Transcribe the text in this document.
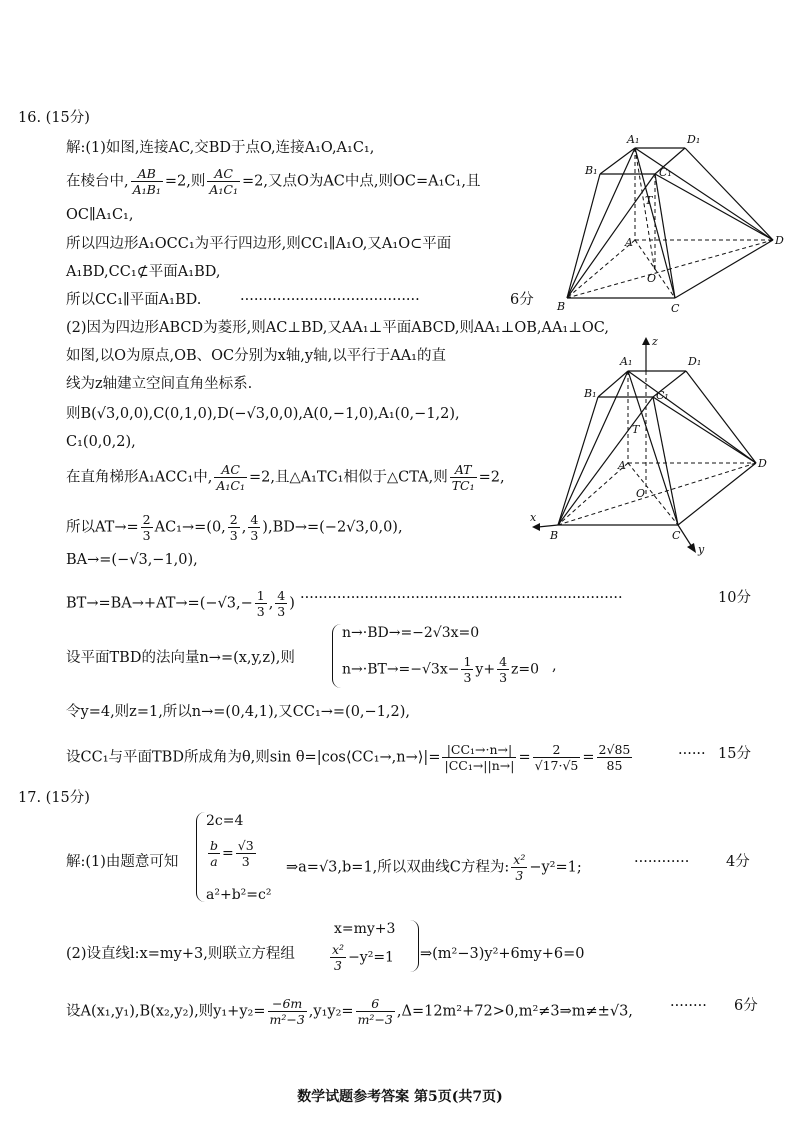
16. (15分)
解:(1)如图,连接AC,交BD于点O,连接A₁O,A₁C₁,
在棱台中, $\frac{AB}{\text{A₁B₁}} =2$,则 $\frac{AC}{\text{A₁C₁}} =2$,又点O为AC中点,则OC=A₁C₁,且
OC∥A₁C₁,
所以四边形A₁OCC₁为平行四边形,则CC₁∥A₁O,又A₁O⊂平面
A₁BD,CC₁⊄平面A₁BD,
所以CC₁∥平面A₁BD.	·······································	6分
(2)因为四边形ABCD为菱形,则AC⊥BD,又AA₁⊥平面ABCD,则AA₁⊥OB,AA₁⊥OC,
如图,以O为原点,OB、OC分别为x轴,y轴,以平行于AA₁的直
线为z轴建立空间直角坐标系.
则B(√3,0,0),C(0,1,0),D(−√3,0,0),A(0,−1,0),A₁(0,−1,2),
C₁(0,0,2),
在直角梯形A₁ACC₁中, $\frac{AC}{\text{A₁C₁}} =2$,且△A₁TC₁相似于△CTA,则 $\frac{AT}{\text{TC₁}} =2$,
所以$AT\to= \frac{2}{3} AC_1\to=(0$, $\frac{2}{3}$ , $\frac{4}{3} ),BD\to=(-2√3,0,0)$,
BA→=(−√3,−1,0),
$BT\to=BA\to+AT\to=(-√3,- \frac{1}{3}$ , $\frac{4}{3}$ ) ······································································	10分
设平面TBD的法向量n→=(x,y,z),则
n→·BD→=−2√3x=0
$n\to\cdot BT\to=-√3x- \frac{1}{3} y+ \frac{4}{3} z=0$ ,
令y=4,则z=1,所以n→=(0,4,1),又CC₁→=(0,−1,2),
设CC₁与平面TBD所成角为θ,则sin θ=|cos⟨CC₁→,n→⟩|= $\frac{\text{|CC₁→·n→|}}{\text{|CC₁→||n→|}} = \frac{2}{√17\cdot√5} = \frac{2√85}{85}$	······ 15分
17. (15分)
解:(1)由题意可知
2c=4
$\frac{b}{a} = \frac{√3}{3}$
a²+b²=c²
⇒a=√3,b=1,所以双曲线C方程为: $\frac{\text{x²}}{3} -y^2=1$;	············	4分
(2)设直线l:x=my+3,则联立方程组
x=my+3
$\frac{\text{x²}}{3} -y^2=1$ ⇒(m²−3)y²+6my+6=0
设A(x₁,y₁),B(x₂,y₂),则$y_1+y_2= \frac{-6m}{\text{m²−3}} ,y_1y_2= \frac{6}{\text{m²−3}}$ ,Δ=12m²+72>0,m²≠3⇒m≠±√3,	········ 6分
数学试题参考答案 第5页(共7页)
A₁	D₁
B₁	C₁
T
D
A
O
B	C
A₁
z
D₁
B₁	C₁
T
D
A
O
x
B	C
y
